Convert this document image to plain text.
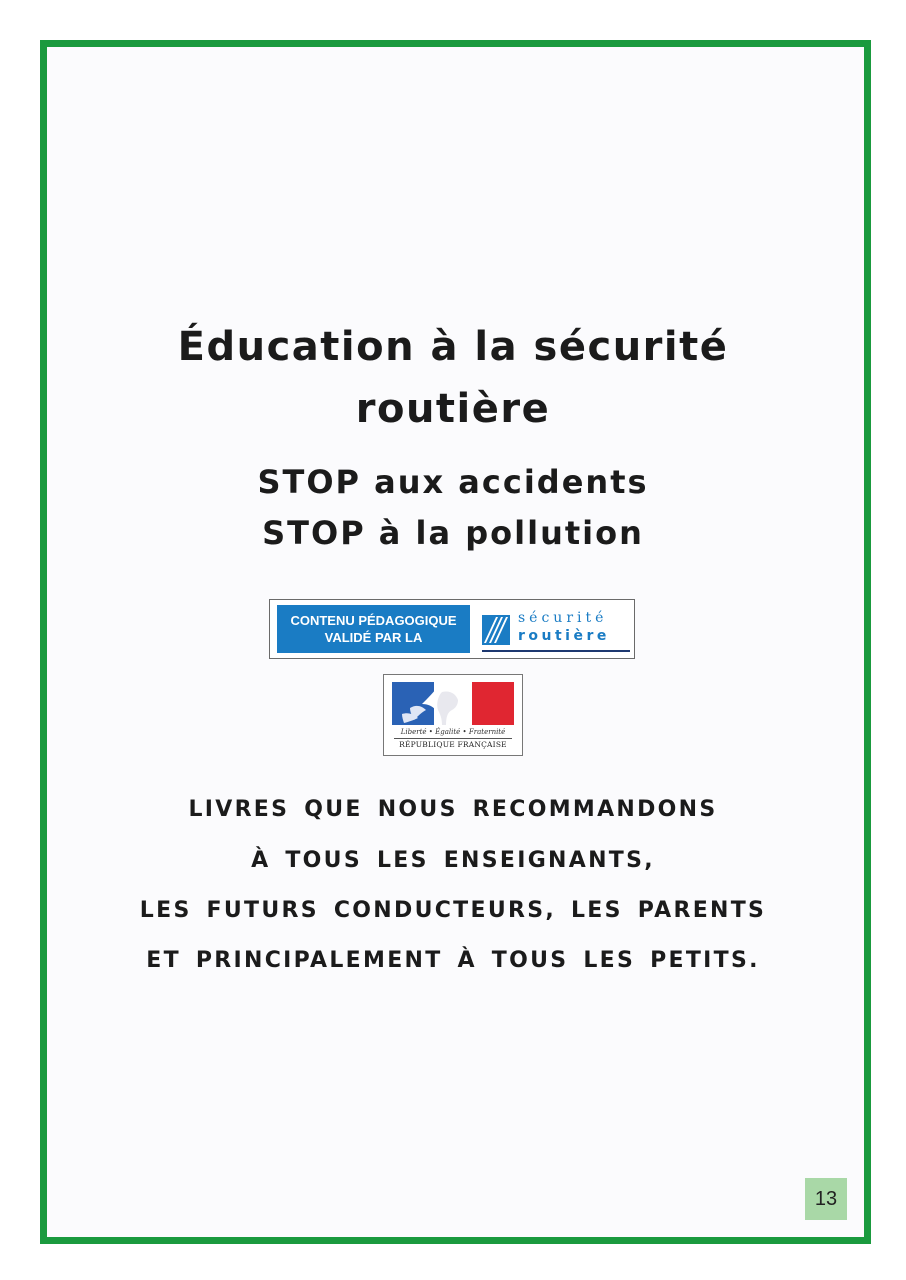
Éducation à la sécurité
routière
STOP aux accidents
STOP à la pollution
CONTENU PÉDAGOGIQUE
VALIDÉ PAR LA
sécurité
routière
Liberté • Égalité • Fraternité
RÉPUBLIQUE FRANÇAISE

LIVRES QUE NOUS RECOMMANDONS

À TOUS LES ENSEIGNANTS,

LES FUTURS CONDUCTEURS, LES PARENTS

ET PRINCIPALEMENT À TOUS LES PETITS.

13
